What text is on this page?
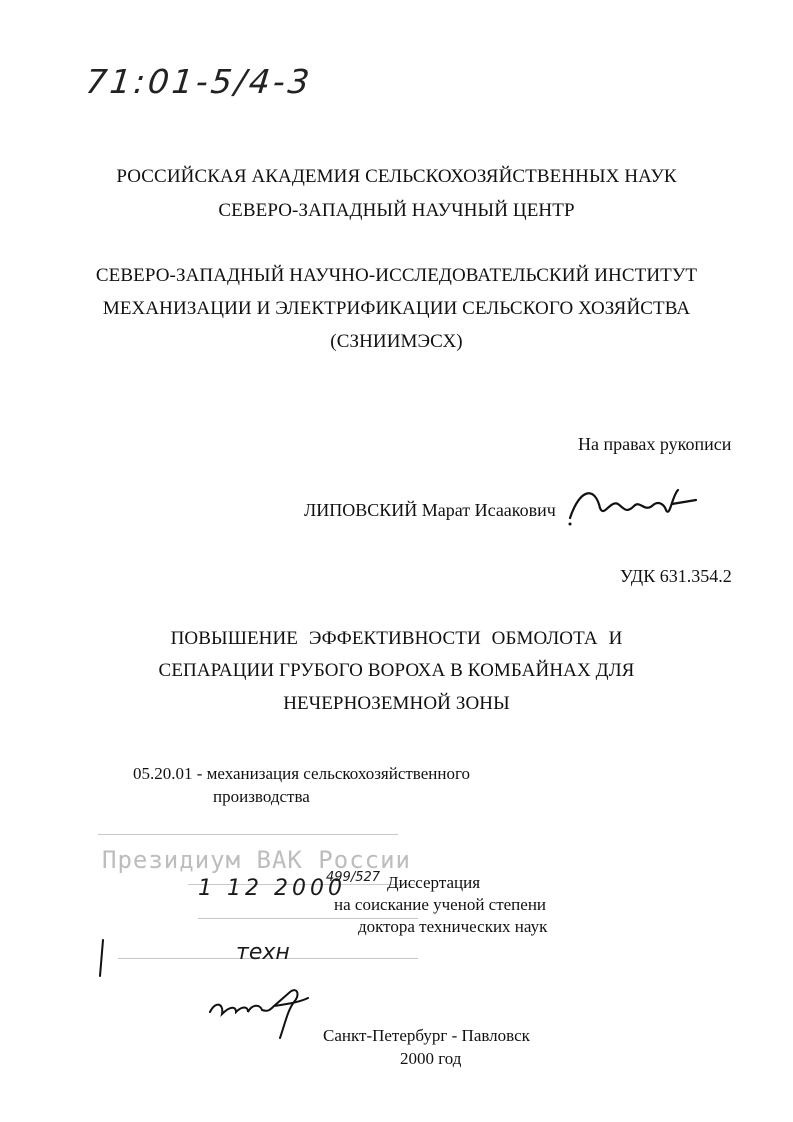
71:01-5/4-3
РОССИЙСКАЯ АКАДЕМИЯ СЕЛЬСКОХОЗЯЙСТВЕННЫХ НАУК
СЕВЕРО-ЗАПАДНЫЙ НАУЧНЫЙ ЦЕНТР
СЕВЕРО-ЗАПАДНЫЙ НАУЧНО-ИССЛЕДОВАТЕЛЬСКИЙ ИНСТИТУТ
МЕХАНИЗАЦИИ И ЭЛЕКТРИФИКАЦИИ СЕЛЬСКОГО ХОЗЯЙСТВА
(СЗНИИМЭСХ)
На правах рукописи
ЛИПОВСКИЙ Марат Исаакович
УДК 631.354.2
ПОВЫШЕНИЕ ЭФФЕКТИВНОСТИ ОБМОЛОТА И
СЕПАРАЦИИ ГРУБОГО ВОРОХА В КОМБАЙНАХ ДЛЯ
НЕЧЕРНОЗЕМНОЙ ЗОНЫ
05.20.01 - механизация сельскохозяйственного
производства
Президиум ВАК России
1 12 2000
499/527
техн
Диссертация
на соискание ученой степени
доктора технических наук
Санкт-Петербург - Павловск
2000 год
